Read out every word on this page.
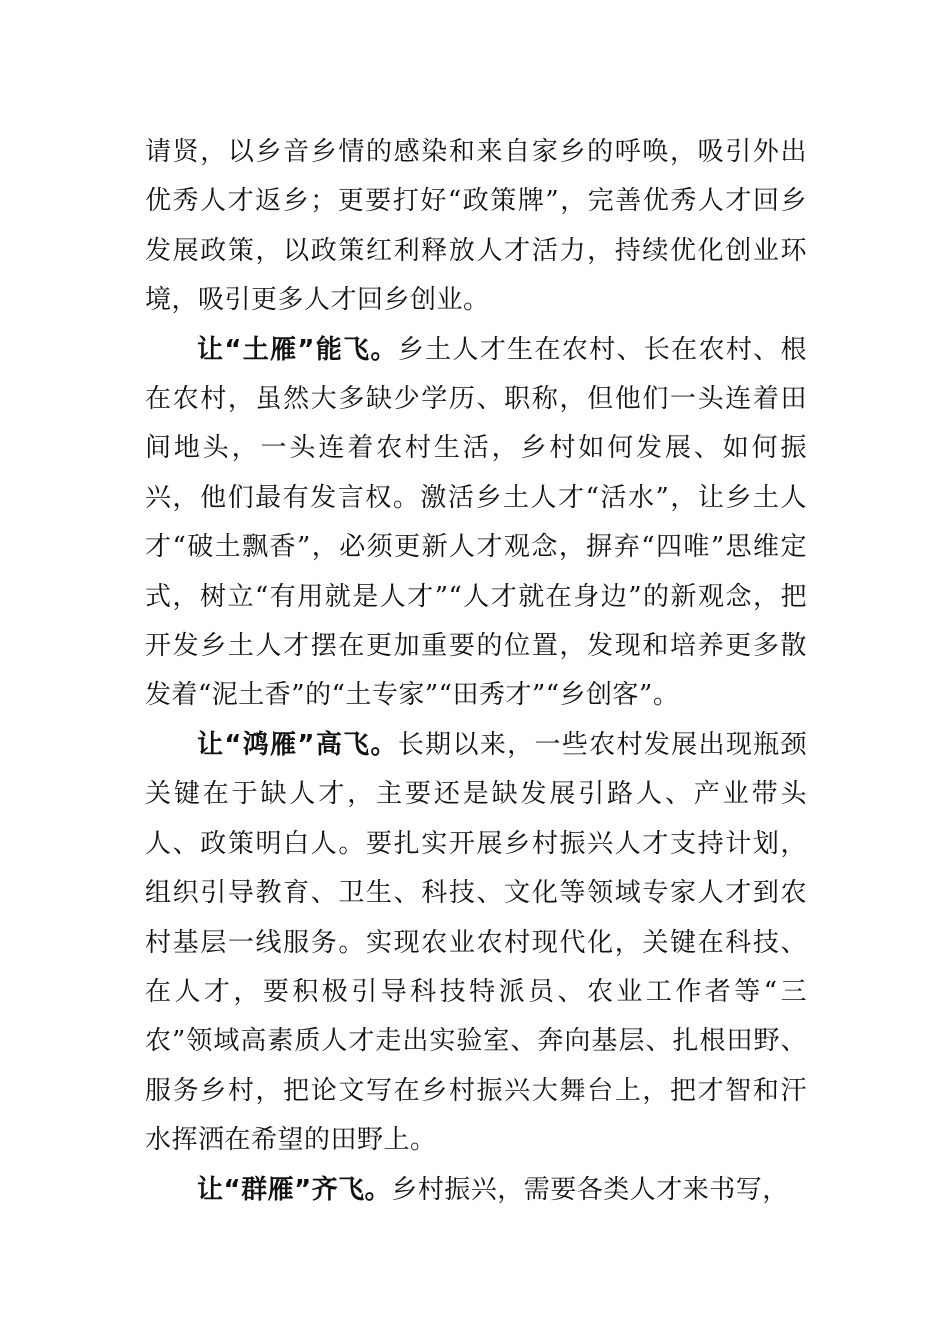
请贤，以乡音乡情的感染和来自家乡的呼唤，吸引外出优秀人才返乡；更要打好“政策牌”，完善优秀人才回乡发展政策，以政策红利释放人才活力，持续优化创业环境，吸引更多人才回乡创业。

让“土雁”能飞。乡土人才生在农村、长在农村、根在农村，虽然大多缺少学历、职称，但他们一头连着田间地头，一头连着农村生活，乡村如何发展、如何振兴，他们最有发言权。激活乡土人才“活水”，让乡土人才“破土飘香”，必须更新人才观念，摒弃“四唯”思维定式，树立“有用就是人才”“人才就在身边”的新观念，把开发乡土人才摆在更加重要的位置，发现和培养更多散发着“泥土香”的“土专家”“田秀才”“乡创客”。

让“鸿雁”高飞。长期以来，一些农村发展出现瓶颈关键在于缺人才，主要还是缺发展引路人、产业带头人、政策明白人。要扎实开展乡村振兴人才支持计划，组织引导教育、卫生、科技、文化等领域专家人才到农村基层一线服务。实现农业农村现代化，关键在科技、在人才，要积极引导科技特派员、农业工作者等“三农”领域高素质人才走出实验室、奔向基层、扎根田野、服务乡村，把论文写在乡村振兴大舞台上，把才智和汗水挥洒在希望的田野上。

让“群雁”齐飞。乡村振兴，需要各类人才来书写，
